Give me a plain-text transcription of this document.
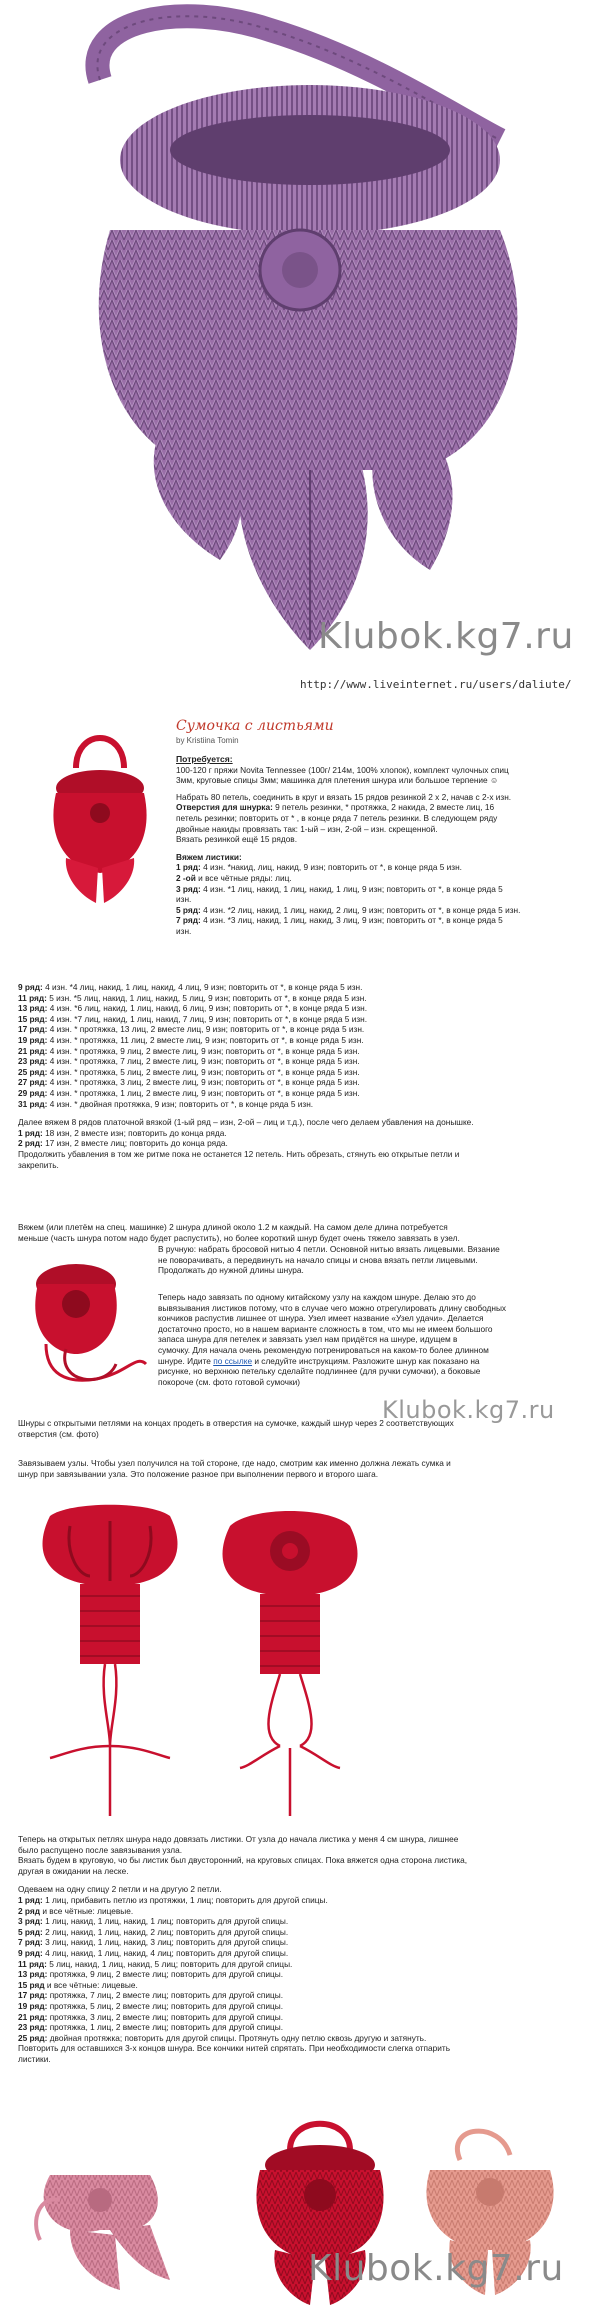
Klubok.kg7.ru
http://www.liveinternet.ru/users/daliute/
Сумочка с листьями
by Kristiina Tomin
Потребуется:
100-120 г пряжи Novita Tennessee (100г/ 214м, 100% хлопок), комплект чулочных спиц
3мм, круговые спицы 3мм; машинка для плетения шнура или большое терпение ☺
Набрать 80 петель, соединить в круг и вязать 15 рядов резинкой 2 х 2, начав с 2-х изн.
Отверстия для шнурка: 9 петель резинки, * протяжка, 2 накида, 2 вместе лиц, 16
петель резинки; повторить от * , в конце ряда 7 петель резинки. В следующем ряду
двойные накиды провязать так: 1-ый – изн, 2-ой – изн. скрещенной.
Вязать резинкой ещё 15 рядов.
Вяжем листики:
1 ряд: 4 изн. *накид, лиц, накид, 9 изн; повторить от *, в конце ряда 5 изн.
2 -ой и все чётные ряды: лиц.
3 ряд: 4 изн. *1 лиц, накид, 1 лиц, накид, 1 лиц, 9 изн; повторить от *, в конце ряда 5
изн.
5 ряд: 4 изн. *2 лиц, накид, 1 лиц, накид, 2 лиц, 9 изн; повторить от *, в конце ряда 5 изн.
7 ряд: 4 изн. *3 лиц, накид, 1 лиц, накид, 3 лиц, 9 изн; повторить от *, в конце ряда 5
изн.
9 ряд: 4 изн. *4 лиц, накид, 1 лиц, накид, 4 лиц, 9 изн; повторить от *, в конце ряда 5 изн.
11 ряд: 5 изн. *5 лиц, накид, 1 лиц, накид, 5 лиц, 9 изн; повторить от *, в конце ряда 5 изн.
13 ряд: 4 изн. *6 лиц, накид, 1 лиц, накид, 6 лиц, 9 изн; повторить от *, в конце ряда 5 изн.
15 ряд: 4 изн. *7 лиц, накид, 1 лиц, накид, 7 лиц, 9 изн; повторить от *, в конце ряда 5 изн.
17 ряд: 4 изн. * протяжка, 13 лиц, 2 вместе лиц, 9 изн; повторить от *, в конце ряда 5 изн.
19 ряд: 4 изн. * протяжка, 11 лиц, 2 вместе лиц, 9 изн; повторить от *, в конце ряда 5 изн.
21 ряд: 4 изн. * протяжка, 9 лиц, 2 вместе лиц, 9 изн; повторить от *, в конце ряда 5 изн.
23 ряд: 4 изн. * протяжка, 7 лиц, 2 вместе лиц, 9 изн; повторить от *, в конце ряда 5 изн.
25 ряд: 4 изн. * протяжка, 5 лиц, 2 вместе лиц, 9 изн; повторить от *, в конце ряда 5 изн.
27 ряд: 4 изн. * протяжка, 3 лиц, 2 вместе лиц, 9 изн; повторить от *, в конце ряда 5 изн.
29 ряд: 4 изн. * протяжка, 1 лиц, 2 вместе лиц, 9 изн; повторить от *, в конце ряда 5 изн.
31 ряд: 4 изн. * двойная протяжка, 9 изн; повторить от *, в конце ряда 5 изн.
Далее вяжем 8 рядов платочной вязкой (1-ый ряд – изн, 2-ой – лиц и т.д.), после чего делаем убавления на донышке.
1 ряд: 18 изн, 2 вместе изн; повторить до конца ряда.
2 ряд: 17 изн, 2 вместе лиц; повторить до конца ряда.
Продолжить убавления в том же ритме пока не останется 12 петель. Нить обрезать, стянуть ею открытые петли и
закрепить.
Вяжем (или плетём на спец. машинке) 2 шнура длиной около 1.2 м каждый. На самом деле длина потребуется
меньше (часть шнура потом надо будет распустить), но более короткий шнур будет очень тяжело завязать в узел.
В ручную: набрать бросовой нитью 4 петли. Основной нитью вязать лицевыми. Вязание
не поворачивать, а передвинуть на начало спицы и снова вязать петли лицевыми.
Продолжать до нужной длины шнура.
Теперь надо завязать по одному китайскому узлу на каждом шнуре. Делаю это до
вывязывания листиков потому, что в случае чего можно отрегулировать длину свободных
кончиков распустив лишнее от шнура. Узел имеет название «Узел удачи». Делается
достаточно просто, но в нашем варианте сложность в том, что мы не имеем большого
запаса шнура для петелек и завязать узел нам придётся на шнуре, идущем в
сумочку. Для начала очень рекомендую потренироваться на каком-то более длинном
шнуре. Идите по ссылке и следуйте инструкциям. Разложите шнур как показано на
рисунке, но верхнюю петельку сделайте подлиннее (для ручки сумочки), а боковые
покороче (см. фото готовой сумочки)
Klubok.kg7.ru
Шнуры с открытыми петлями на концах продеть в отверстия на сумочке, каждый шнур через 2 соответствующих
отверстия (см. фото)
Завязываем узлы. Чтобы узел получился на той стороне, где надо, смотрим как именно должна лежать сумка и
шнур при завязывании узла. Это положение разное при выполнении первого и второго шага.
Теперь на открытых петлях шнура надо довязать листики. От узла до начала листика у меня 4 см шнура, лишнее
было распущено после завязывания узла.
Вязать будем в круговую, чо бы листик был двусторонний, на круговых спицах. Пока вяжется одна сторона листика,
другая в ожидании на леске.
Одеваем на одну спицу 2 петли и на другую 2 петли.
1 ряд: 1 лиц, прибавить петлю из протяжки, 1 лиц; повторить для другой спицы.
2 ряд и все чётные: лицевые.
3 ряд: 1 лиц, накид, 1 лиц, накид, 1 лиц; повторить для другой спицы.
5 ряд: 2 лиц, накид, 1 лиц, накид, 2 лиц; повторить для другой спицы.
7 ряд: 3 лиц, накид, 1 лиц, накид, 3 лиц; повторить для другой спицы.
9 ряд: 4 лиц, накид, 1 лиц, накид, 4 лиц; повторить для другой спицы.
11 ряд: 5 лиц, накид, 1 лиц, накид, 5 лиц; повторить для другой спицы.
13 ряд: протяжка, 9 лиц, 2 вместе лиц; повторить для другой спицы.
15 ряд и все чётные: лицевые.
17 ряд: протяжка, 7 лиц, 2 вместе лиц; повторить для другой спицы.
19 ряд: протяжка, 5 лиц, 2 вместе лиц; повторить для другой спицы.
21 ряд: протяжка, 3 лиц, 2 вместе лиц; повторить для другой спицы.
23 ряд: протяжка, 1 лиц, 2 вместе лиц; повторить для другой спицы.
25 ряд: двойная протяжка; повторить для другой спицы. Протянуть одну петлю сквозь другую и затянуть.
Повторить для оставшихся 3-х концов шнура. Все кончики нитей спрятать. При необходимости слегка отпарить
листики.
Klubok.kg7.ru
